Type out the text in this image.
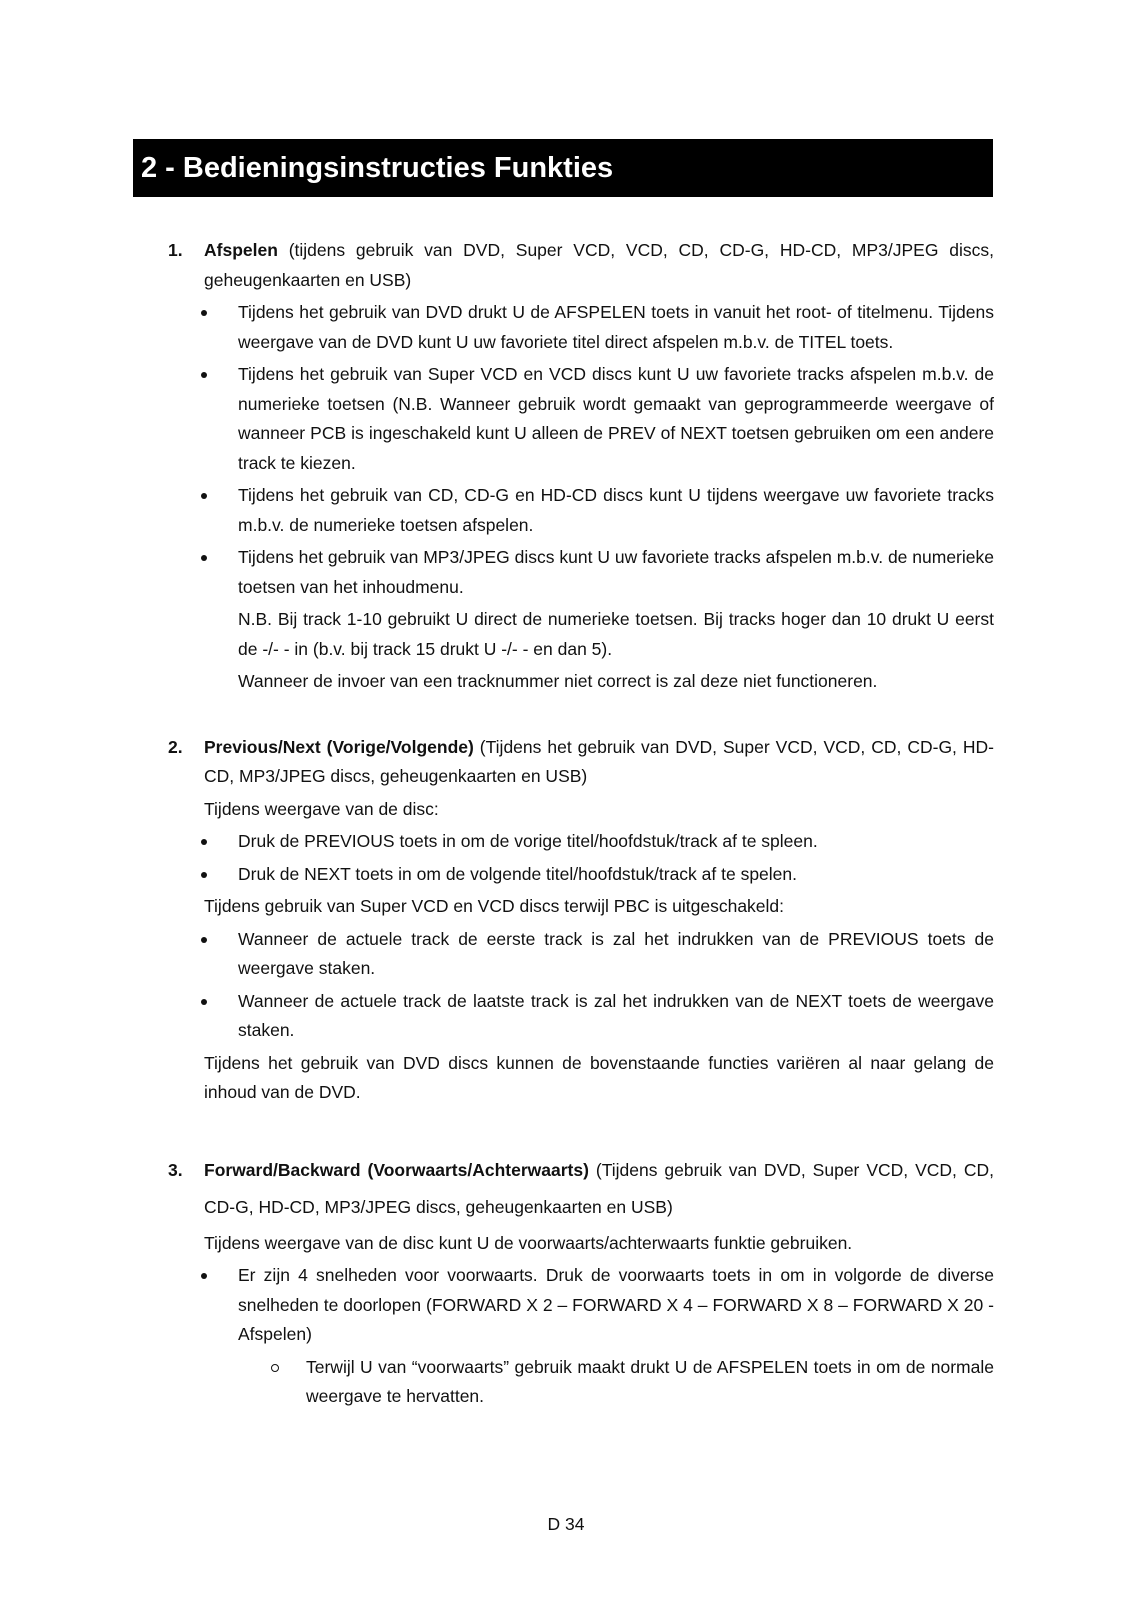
2 - Bedieningsinstructies Funkties
1. Afspelen (tijdens gebruik van DVD, Super VCD, VCD, CD, CD-G, HD-CD, MP3/JPEG discs, geheugenkaarten en USB)
Tijdens het gebruik van DVD drukt U de AFSPELEN toets in vanuit het root- of titelmenu. Tijdens weergave van de DVD kunt U uw favoriete titel direct afspelen m.b.v. de TITEL toets.
Tijdens het gebruik van Super VCD en VCD discs kunt U uw favoriete tracks afspelen m.b.v. de numerieke toetsen (N.B. Wanneer gebruik wordt gemaakt van geprogrammeerde weergave of wanneer PCB is ingeschakeld kunt U alleen de PREV of NEXT toetsen gebruiken om een andere track te kiezen.
Tijdens het gebruik van CD, CD-G en HD-CD discs kunt U tijdens weergave uw favoriete tracks m.b.v. de numerieke toetsen afspelen.
Tijdens het gebruik van MP3/JPEG discs kunt U uw favoriete tracks afspelen m.b.v. de numerieke toetsen van het inhoudmenu.
N.B. Bij track 1-10 gebruikt U direct de numerieke toetsen. Bij tracks hoger dan 10 drukt U eerst de -/- - in (b.v. bij track 15 drukt U -/- - en dan 5).
Wanneer de invoer van een tracknummer niet correct is zal deze niet functioneren.
2. Previous/Next (Vorige/Volgende) (Tijdens het gebruik van DVD, Super VCD, VCD, CD, CD-G, HD-CD, MP3/JPEG discs, geheugenkaarten en USB)
Tijdens weergave van de disc:
Druk de PREVIOUS toets in om de vorige titel/hoofdstuk/track af te spleen.
Druk de NEXT toets in om de volgende titel/hoofdstuk/track af te spelen.
Tijdens gebruik van Super VCD en VCD discs terwijl PBC is uitgeschakeld:
Wanneer de actuele track de eerste track is zal het indrukken van de PREVIOUS toets de weergave staken.
Wanneer de actuele track de laatste track is zal het indrukken van de NEXT toets de weergave staken.
Tijdens het gebruik van DVD discs kunnen de bovenstaande functies variëren al naar gelang de inhoud van de DVD.
3. Forward/Backward (Voorwaarts/Achterwaarts) (Tijdens gebruik van DVD, Super VCD, VCD, CD, CD-G, HD-CD, MP3/JPEG discs, geheugenkaarten en USB)
Tijdens weergave van de disc kunt U de voorwaarts/achterwaarts funktie gebruiken.
Er zijn 4 snelheden voor voorwaarts. Druk de voorwaarts toets in om in volgorde de diverse snelheden te doorlopen (FORWARD X 2 – FORWARD X 4 – FORWARD X 8 – FORWARD X 20 - Afspelen)
Terwijl U van “voorwaarts” gebruik maakt drukt U de AFSPELEN toets in om de normale weergave te hervatten.
D 34
